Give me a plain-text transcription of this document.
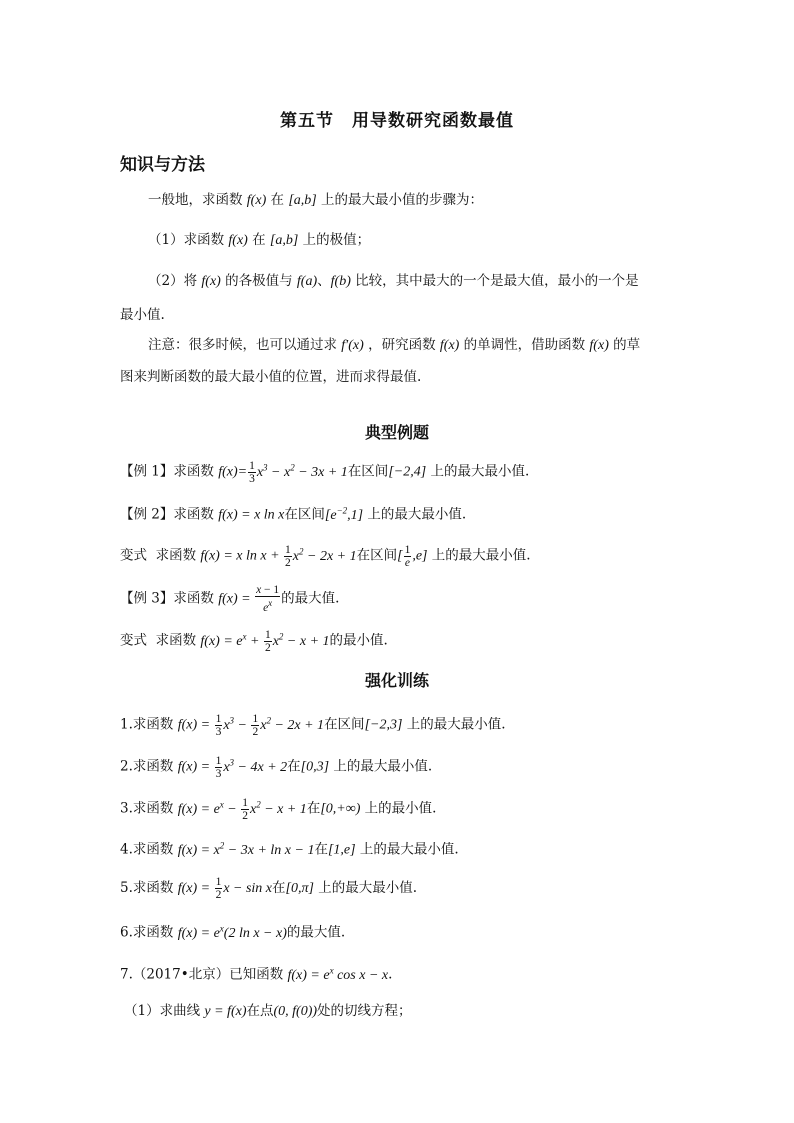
第五节　用导数研究函数最值
知识与方法
一般地，求函数 f(x) 在 [a,b] 上的最大最小值的步骤为：
（1）求函数 f(x) 在 [a,b] 上的极值；
（2）将 f(x) 的各极值与 f(a)、f(b) 比较，其中最大的一个是最大值，最小的一个是
最小值.
注意：很多时候，也可以通过求 f′(x) ，研究函数 f(x) 的单调性，借助函数 f(x) 的草
图来判断函数的最大最小值的位置，进而求得最值.
典型例题
【例 1】求函数 $f(x)= \frac{1}{3} x^3 - x^2 - 3x + 1$在区间[−2,4] 上的最大最小值.
【例 2】求函数 f(x) = x ln x在区间$[e^{-2},1]$ 上的最大最小值.
变式 求函数 f(x) = x $\ln x + \frac{1}{2} x^2 - 2x + 1$在区间[ $\frac{1}{e} ,e$] 上的最大最小值.
【例 3】求函数 $f(x) = \frac{x - 1}{e^x}$ 的最大值.
变式 求函数 $f(x) = e^x + \frac{1}{2} x^2 - x + 1$的最小值.
强化训练
1.求函数 $f(x) = \frac{1}{3} x^3 - \frac{1}{2} x^2 - 2x + 1$在区间[−2,3] 上的最大最小值.
2.求函数 $f(x) = \frac{1}{3} x^3 - 4x + 2$在[0,3] 上的最大最小值.
3.求函数 $f(x) = e^x - \frac{1}{2} x^2 - x + 1$在[0,+∞) 上的最小值.
4.求函数 $f(x) = x^2 - 3x + \ln x - 1$在[1,e] 上的最大最小值.
5.求函数 $f(x) = \frac{1}{2}$ x − sin x在[0,π] 上的最大最小值.
6.求函数 $f(x) = e^x(2$ ln x − x)的最大值.
7.（2017•北京）已知函数 $f(x) = e^x$ cos x − x.
（1）求曲线 y = f(x)在点(0, f(0))处的切线方程；
